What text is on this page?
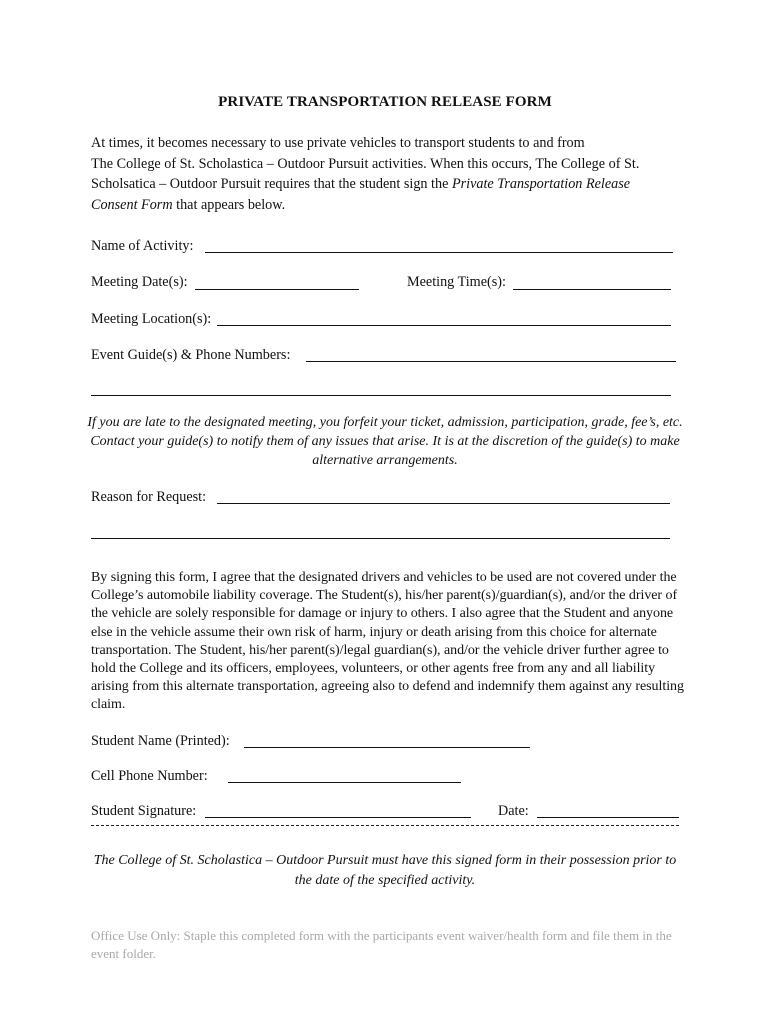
PRIVATE TRANSPORTATION RELEASE FORM
At times, it becomes necessary to use private vehicles to transport students to and from
The College of St. Scholastica – Outdoor Pursuit activities. When this occurs, The College of St.
Scholsatica – Outdoor Pursuit requires that the student sign the Private Transportation Release
Consent Form that appears below.
Name of Activity:
Meeting Date(s):	Meeting Time(s):
Meeting Location(s):
Event Guide(s) & Phone Numbers:
If you are late to the designated meeting, you forfeit your ticket, admission, participation, grade, fee’s, etc. Contact your guide(s) to notify them of any issues that arise. It is at the discretion of the guide(s) to make alternative arrangements.
Reason for Request:
By signing this form, I agree that the designated drivers and vehicles to be used are not covered under the College’s automobile liability coverage. The Student(s), his/her parent(s)/guardian(s), and/or the driver of the vehicle are solely responsible for damage or injury to others. I also agree that the Student and anyone else in the vehicle assume their own risk of harm, injury or death arising from this choice for alternate transportation. The Student, his/her parent(s)/legal guardian(s), and/or the vehicle driver further agree to hold the College and its officers, employees, volunteers, or other agents free from any and all liability arising from this alternate transportation, agreeing also to defend and indemnify them against any resulting claim.
Student Name (Printed):
Cell Phone Number:
Student Signature:	Date:
The College of St. Scholastica – Outdoor Pursuit must have this signed form in their possession prior to the date of the specified activity.
Office Use Only: Staple this completed form with the participants event waiver/health form and file them in the event folder.
